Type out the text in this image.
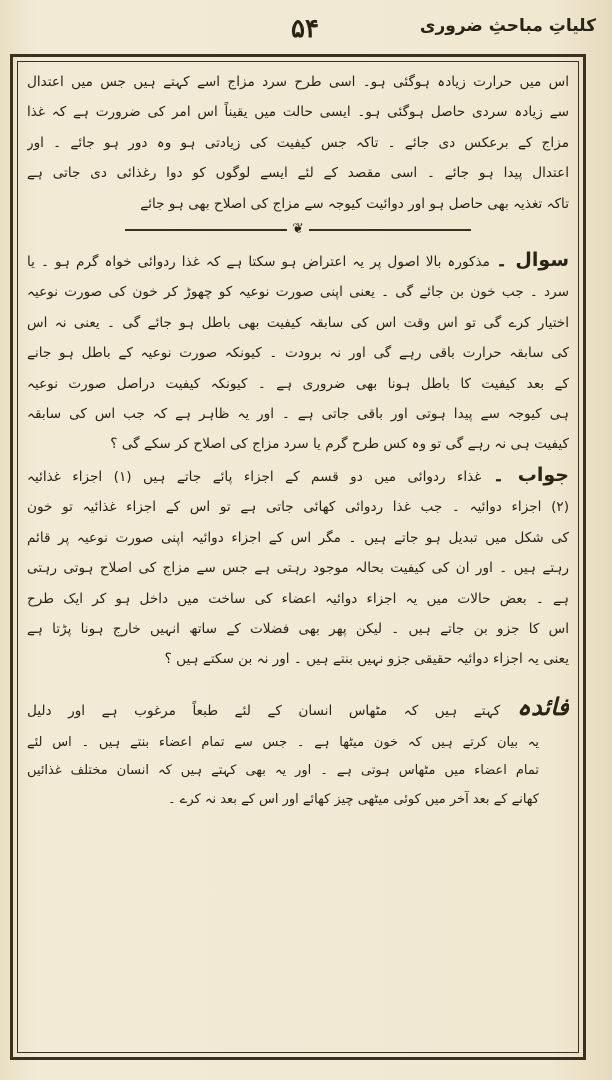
۵۴	کلیاتِ مباحثِ ضروری

اس میں حرارت زیادہ ہوگئی ہو۔ اسی طرح سرد مزاج اسے کہتے ہیں جس میں اعتدال

سے زیادہ سردی حاصل ہوگئی ہو۔ ایسی حالت میں یقیناً اس امر کی ضرورت ہے کہ غذا

مزاج کے برعکس دی جائے ۔ تاکہ جس کیفیت کی زیادتی ہو وہ دور ہو جائے ۔ اور

اعتدال پیدا ہو جائے ۔ اسی مقصد کے لئے ایسے لوگوں کو دوا رغذائی دی جاتی ہے

تاکہ تغذیہ بھی حاصل ہو اور دوائیت کیوجہ سے مزاج کی اصلاح بھی ہو جائے

❦

سوال ۔ مذکورہ بالا اصول پر یہ اعتراض ہو سکتا ہے کہ غذا ردوائی خواہ گرم ہو ۔ یا

سرد ۔ جب خون بن جائے گی ۔ یعنی اپنی صورت نوعیہ کو چھوڑ کر خون کی صورت نوعیہ

اختیار کرے گی تو اس وقت اس کی سابقہ کیفیت بھی باطل ہو جائے گی ۔ یعنی نہ اس

کی سابقہ حرارت باقی رہے گی اور نہ برودت ۔ کیونکہ صورت نوعیہ کے باطل ہو جانے

کے بعد کیفیت کا باطل ہونا بھی ضروری ہے ۔ کیونکہ کیفیت دراصل صورت نوعیہ

ہی کیوجہ سے پیدا ہوتی اور باقی جاتی ہے ۔ اور یہ ظاہر ہے کہ جب اس کی سابقہ

کیفیت ہی نہ رہے گی تو وہ کس طرح گرم یا سرد مزاج کی اصلاح کر سکے گی ؟

جواب ۔ غذاء ردوائی میں دو قسم کے اجزاء پائے جاتے ہیں (۱) اجزاء غذائیہ

(۲) اجزاء دوائیہ ۔ جب غذا ردوائی کھائی جاتی ہے تو اس کے اجزاء غذائیہ تو خون

کی شکل میں تبدیل ہو جاتے ہیں ۔ مگر اس کے اجزاء دوائیہ اپنی صورت نوعیہ پر قائم

رہتے ہیں ۔ اور ان کی کیفیت بحالہ موجود رہتی ہے جس سے مزاج کی اصلاح ہوتی رہتی

ہے ۔ بعض حالات میں یہ اجزاء دوائیہ اعضاء کی ساخت میں داخل ہو کر ایک طرح

اس کا جزو بن جاتے ہیں ۔ لیکن پھر بھی فضلات کے ساتھ انہیں خارج ہونا پڑتا ہے

یعنی یہ اجزاء دوائیہ حقیقی جزو نہیں بنتے ہیں ۔ اور نہ بن سکتے ہیں ؟

فائدہ کہتے ہیں کہ مٹھاس انسان کے لئے طبعاً مرغوب ہے اور دلیل

یہ بیان کرتے ہیں کہ خون میٹھا ہے ۔ جس سے تمام اعضاء بنتے ہیں ۔ اس لئے

تمام اعضاء میں مٹھاس ہوتی ہے ۔ اور یہ بھی کہتے ہیں کہ انسان مختلف غذائیں

کھانے کے بعد آخر میں کوئی میٹھی چیز کھائے اور اس کے بعد نہ کرے ۔
